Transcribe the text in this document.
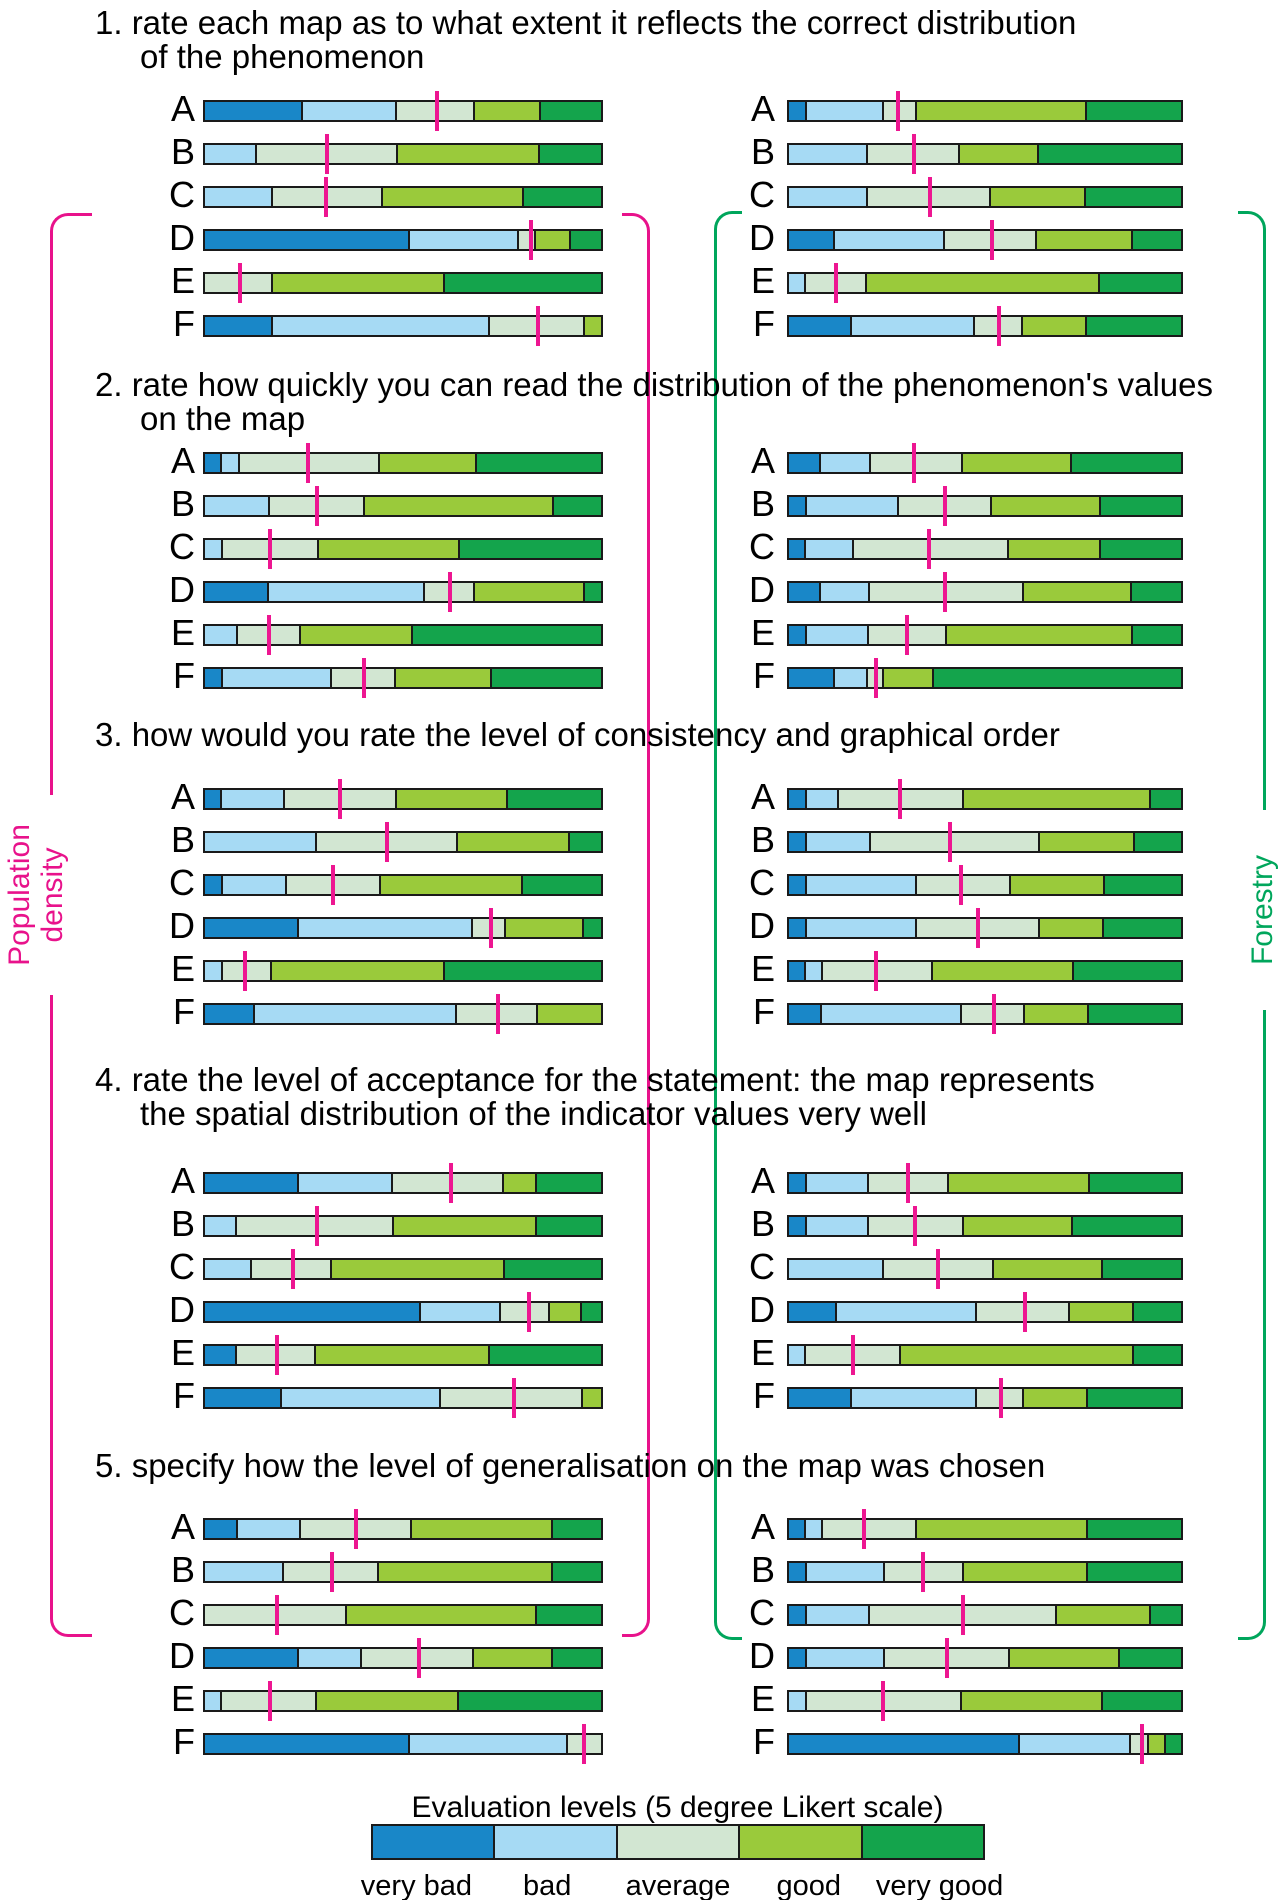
Population density	Forestry
Evaluation levels (5 degree Likert scale)
very bad	bad	average	good	very good
1. rate each map as to what extent it reflects the correct distribution
of the phenomenon
A
B
C
D
E
F
A
B
C
D
E
F
2. rate how quickly you can read the distribution of the phenomenon's values
on the map
A
B
C
D
E
F
A
B
C
D
E
F
3. how would you rate the level of consistency and graphical order
A
B
C
D
E
F
A
B
C
D
E
F
4. rate the level of acceptance for the statement: the map represents
the spatial distribution of the indicator values very well
A
B
C
D
E
F
A
B
C
D
E
F
5. specify how the level of generalisation on the map was chosen
A
B
C
D
E
F
A
B
C
D
E
F
